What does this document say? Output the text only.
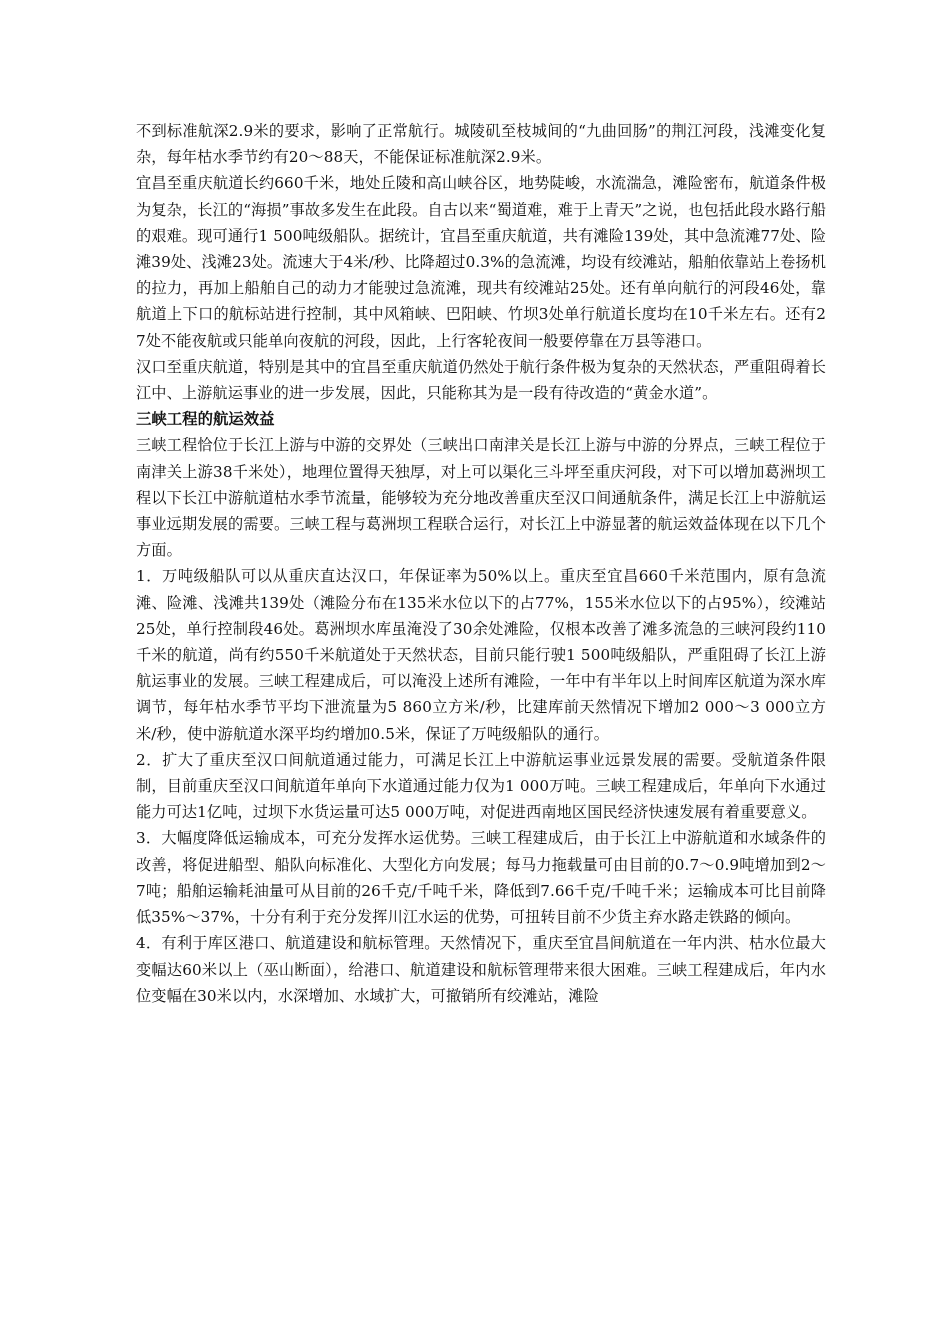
不到标准航深2.9米的要求，影响了正常航行。城陵矶至枝城间的“九曲回肠”的荆江河段，浅滩变化复杂，每年枯水季节约有20～88天，不能保证标准航深2.9米。

宜昌至重庆航道长约660千米，地处丘陵和高山峡谷区，地势陡峻，水流湍急，滩险密布，航道条件极为复杂，长江的“海损”事故多发生在此段。自古以来“蜀道难，难于上青天”之说，也包括此段水路行船的艰难。现可通行1 500吨级船队。据统计，宜昌至重庆航道，共有滩险139处，其中急流滩77处、险滩39处、浅滩23处。流速大于4米/秒、比降超过0.3%的急流滩，均设有绞滩站，船舶依靠站上卷扬机的拉力，再加上船舶自己的动力才能驶过急流滩，现共有绞滩站25处。还有单向航行的河段46处，靠航道上下口的航标站进行控制，其中风箱峡、巴阳峡、竹坝3处单行航道长度均在10千米左右。还有27处不能夜航或只能单向夜航的河段，因此，上行客轮夜间一般要停靠在万县等港口。

汉口至重庆航道，特别是其中的宜昌至重庆航道仍然处于航行条件极为复杂的天然状态，严重阻碍着长江中、上游航运事业的进一步发展，因此，只能称其为是一段有待改造的“黄金水道”。

三峡工程的航运效益

三峡工程恰位于长江上游与中游的交界处（三峡出口南津关是长江上游与中游的分界点，三峡工程位于南津关上游38千米处），地理位置得天独厚，对上可以渠化三斗坪至重庆河段，对下可以增加葛洲坝工程以下长江中游航道枯水季节流量，能够较为充分地改善重庆至汉口间通航条件，满足长江上中游航运事业远期发展的需要。三峡工程与葛洲坝工程联合运行，对长江上中游显著的航运效益体现在以下几个方面。

1．万吨级船队可以从重庆直达汉口，年保证率为50%以上。重庆至宜昌660千米范围内，原有急流滩、险滩、浅滩共139处（滩险分布在135米水位以下的占77%，155米水位以下的占95%），绞滩站25处，单行控制段46处。葛洲坝水库虽淹没了30余处滩险，仅根本改善了滩多流急的三峡河段约110千米的航道，尚有约550千米航道处于天然状态，目前只能行驶1 500吨级船队，严重阻碍了长江上游航运事业的发展。三峡工程建成后，可以淹没上述所有滩险，一年中有半年以上时间库区航道为深水库调节，每年枯水季节平均下泄流量为5 860立方米/秒，比建库前天然情况下增加2 000～3 000立方米/秒，使中游航道水深平均约增加0.5米，保证了万吨级船队的通行。

2．扩大了重庆至汉口间航道通过能力，可满足长江上中游航运事业远景发展的需要。受航道条件限制，目前重庆至汉口间航道年单向下水道通过能力仅为1 000万吨。三峡工程建成后，年单向下水通过能力可达1亿吨，过坝下水货运量可达5 000万吨，对促进西南地区国民经济快速发展有着重要意义。

3．大幅度降低运输成本，可充分发挥水运优势。三峡工程建成后，由于长江上中游航道和水域条件的改善，将促进船型、船队向标准化、大型化方向发展；每马力拖载量可由目前的0.7～0.9吨增加到2～7吨；船舶运输耗油量可从目前的26千克/千吨千米，降低到7.66千克/千吨千米；运输成本可比目前降低35%～37%，十分有利于充分发挥川江水运的优势，可扭转目前不少货主弃水路走铁路的倾向。

4．有利于库区港口、航道建设和航标管理。天然情况下，重庆至宜昌间航道在一年内洪、枯水位最大变幅达60米以上（巫山断面），给港口、航道建设和航标管理带来很大困难。三峡工程建成后，年内水位变幅在30米以内，水深增加、水域扩大，可撤销所有绞滩站，滩险
